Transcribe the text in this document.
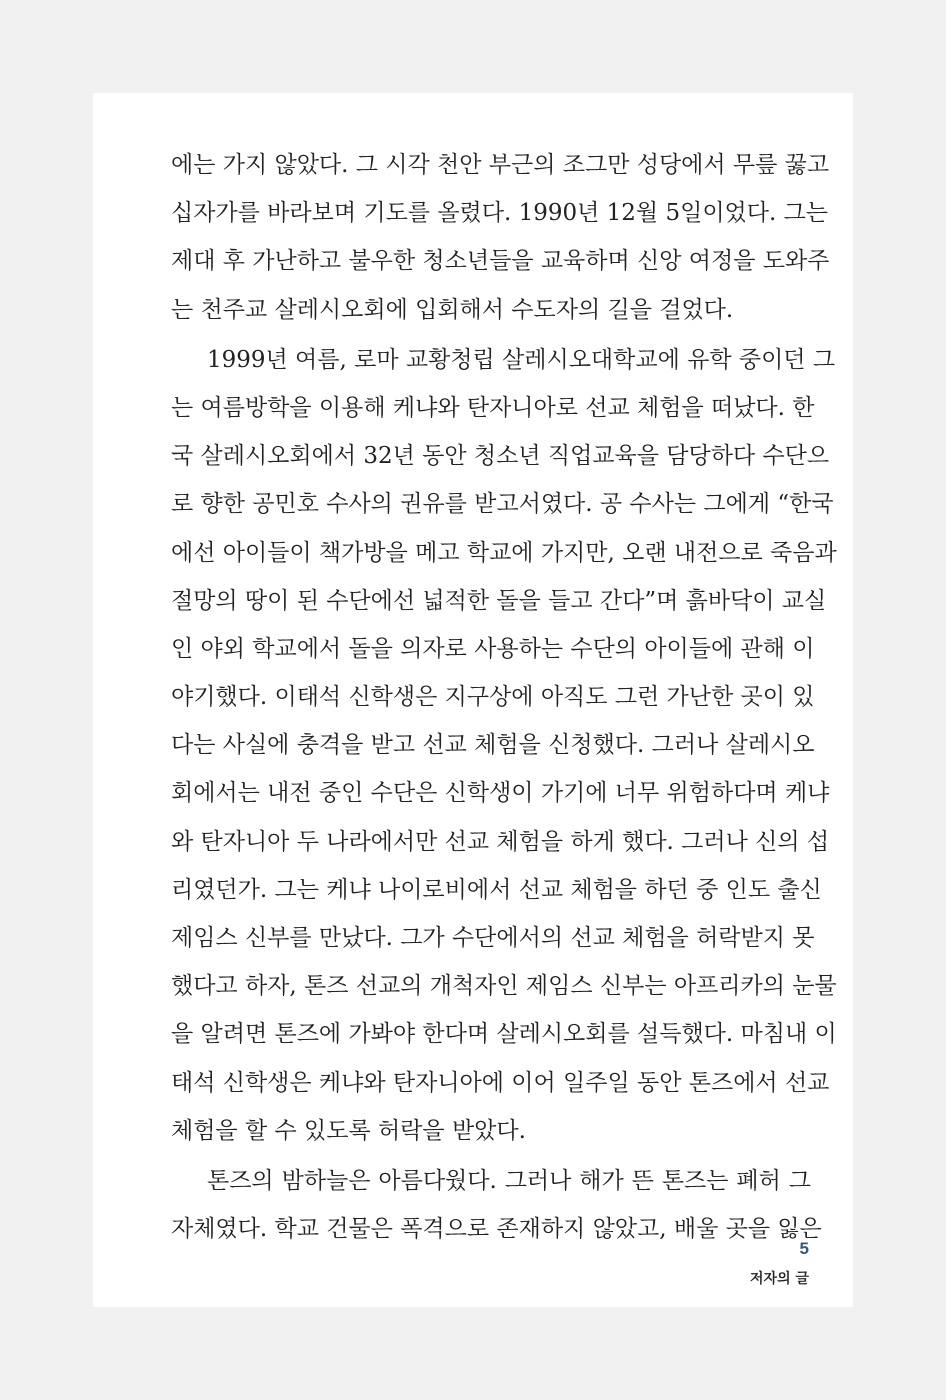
에는 가지 않았다. 그 시각 천안 부근의 조그만 성당에서 무릎 꿇고
십자가를 바라보며 기도를 올렸다. 1990년 12월 5일이었다. 그는
제대 후 가난하고 불우한 청소년들을 교육하며 신앙 여정을 도와주
는 천주교 살레시오회에 입회해서 수도자의 길을 걸었다.
1999년 여름, 로마 교황청립 살레시오대학교에 유학 중이던 그
는 여름방학을 이용해 케냐와 탄자니아로 선교 체험을 떠났다. 한
국 살레시오회에서 32년 동안 청소년 직업교육을 담당하다 수단으
로 향한 공민호 수사의 권유를 받고서였다. 공 수사는 그에게 “한국
에선 아이들이 책가방을 메고 학교에 가지만, 오랜 내전으로 죽음과
절망의 땅이 된 수단에선 넓적한 돌을 들고 간다”며 흙바닥이 교실
인 야외 학교에서 돌을 의자로 사용하는 수단의 아이들에 관해 이
야기했다. 이태석 신학생은 지구상에 아직도 그런 가난한 곳이 있
다는 사실에 충격을 받고 선교 체험을 신청했다. 그러나 살레시오
회에서는 내전 중인 수단은 신학생이 가기에 너무 위험하다며 케냐
와 탄자니아 두 나라에서만 선교 체험을 하게 했다. 그러나 신의 섭
리였던가. 그는 케냐 나이로비에서 선교 체험을 하던 중 인도 출신
제임스 신부를 만났다. 그가 수단에서의 선교 체험을 허락받지 못
했다고 하자, 톤즈 선교의 개척자인 제임스 신부는 아프리카의 눈물
을 알려면 톤즈에 가봐야 한다며 살레시오회를 설득했다. 마침내 이
태석 신학생은 케냐와 탄자니아에 이어 일주일 동안 톤즈에서 선교
체험을 할 수 있도록 허락을 받았다.
톤즈의 밤하늘은 아름다웠다. 그러나 해가 뜬 톤즈는 폐허 그
자체였다. 학교 건물은 폭격으로 존재하지 않았고, 배울 곳을 잃은
5
저자의 글
